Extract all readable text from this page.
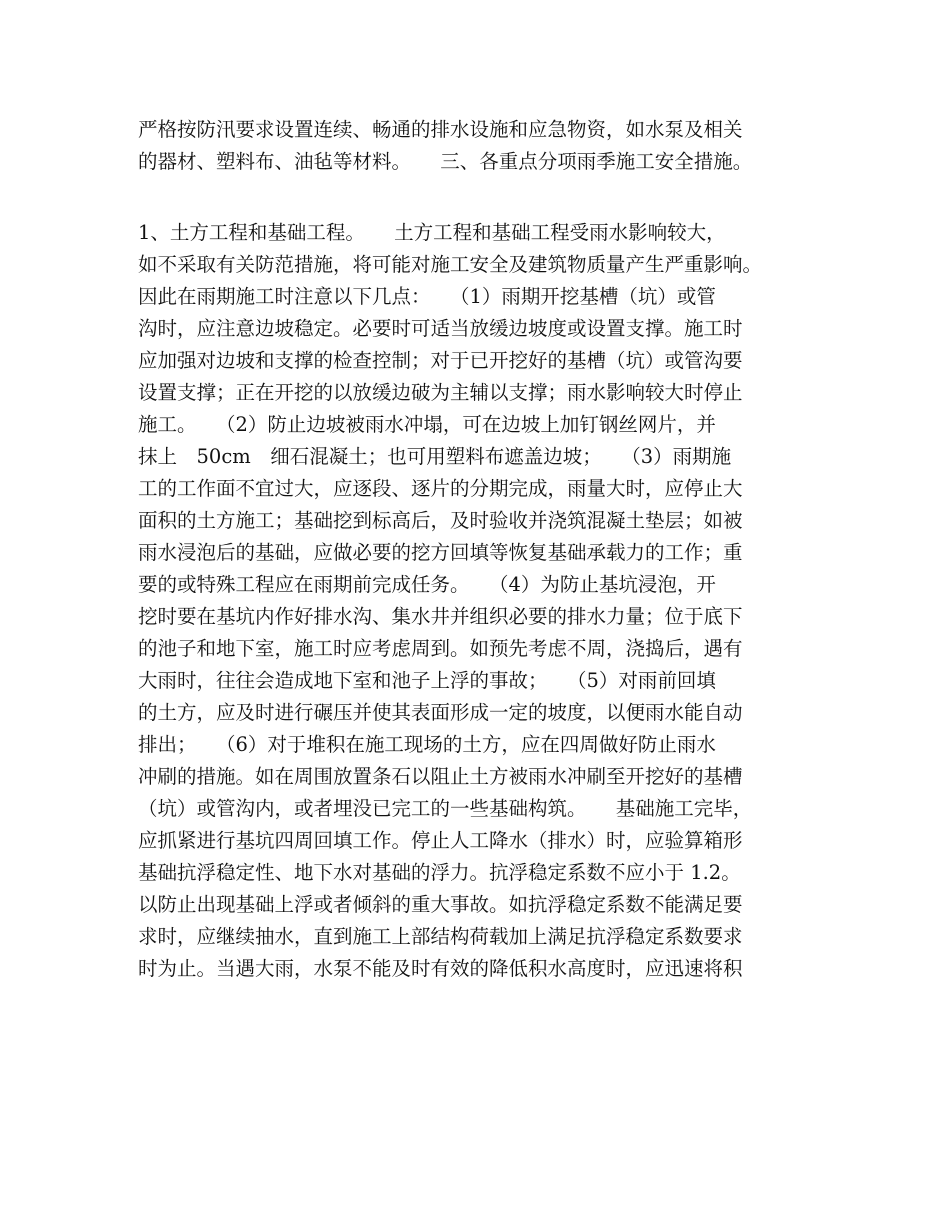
严格按防汛要求设置连续、畅通的排水设施和应急物资，如水泵及相关
的器材、塑料布、油毡等材料。　　三、各重点分项雨季施工安全措施。
1、土方工程和基础工程。　　土方工程和基础工程受雨水影响较大，
如不采取有关防范措施，将可能对施工安全及建筑物质量产生严重影响。
因此在雨期施工时注意以下几点：　　（1）雨期开挖基槽（坑）或管
沟时，应注意边坡稳定。必要时可适当放缓边坡度或设置支撑。施工时
应加强对边坡和支撑的检查控制；对于已开挖好的基槽（坑）或管沟要
设置支撑；正在开挖的以放缓边破为主辅以支撑；雨水影响较大时停止
施工。　　（2）防止边坡被雨水冲塌，可在边坡上加钉钢丝网片，并
抹上　50cm　细石混凝土；也可用塑料布遮盖边坡；　　（3）雨期施
工的工作面不宜过大，应逐段、逐片的分期完成，雨量大时，应停止大
面积的土方施工；基础挖到标高后，及时验收并浇筑混凝土垫层；如被
雨水浸泡后的基础，应做必要的挖方回填等恢复基础承载力的工作；重
要的或特殊工程应在雨期前完成任务。　　（4）为防止基坑浸泡，开
挖时要在基坑内作好排水沟、集水井并组织必要的排水力量；位于底下
的池子和地下室，施工时应考虑周到。如预先考虑不周，浇捣后，遇有
大雨时，往往会造成地下室和池子上浮的事故；　　（5）对雨前回填
的土方，应及时进行碾压并使其表面形成一定的坡度，以便雨水能自动
排出；　　（6）对于堆积在施工现场的土方，应在四周做好防止雨水
冲刷的措施。如在周围放置条石以阻止土方被雨水冲刷至开挖好的基槽
（坑）或管沟内，或者埋没已完工的一些基础构筑。　　基础施工完毕，
应抓紧进行基坑四周回填工作。停止人工降水（排水）时，应验算箱形
基础抗浮稳定性、地下水对基础的浮力。抗浮稳定系数不应小于 1.2。
以防止出现基础上浮或者倾斜的重大事故。如抗浮稳定系数不能满足要
求时，应继续抽水，直到施工上部结构荷载加上满足抗浮稳定系数要求
时为止。当遇大雨，水泵不能及时有效的降低积水高度时，应迅速将积
